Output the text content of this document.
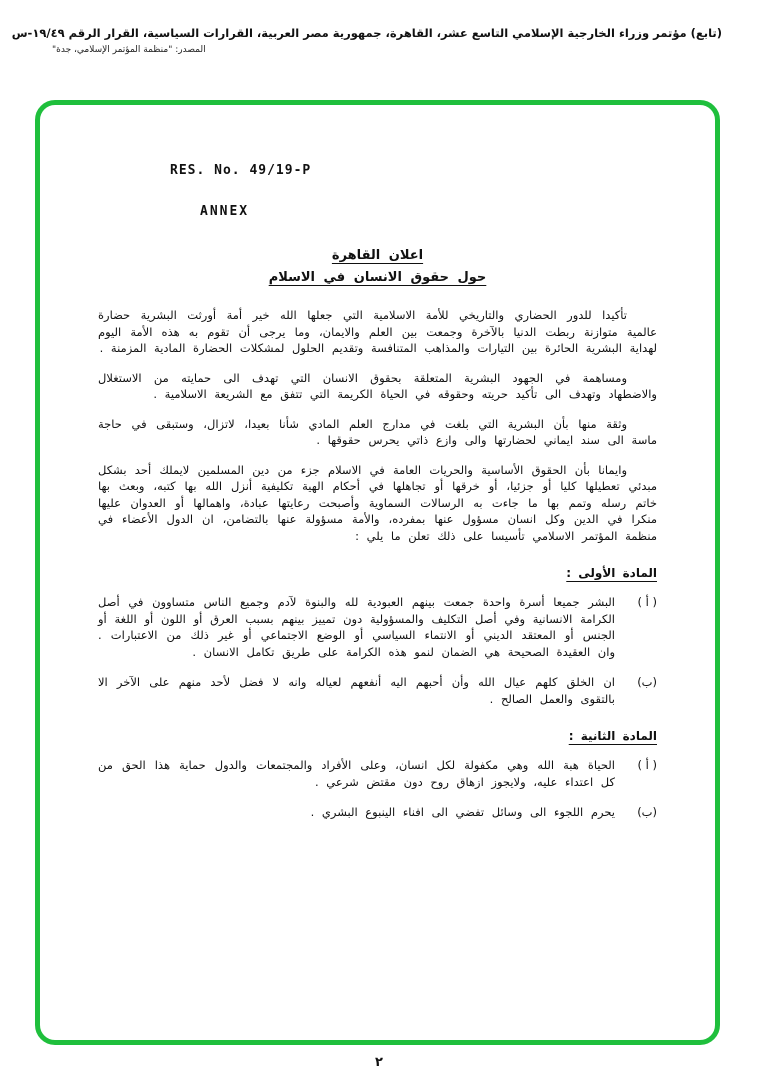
(تابع) مؤتمر وزراء الخارجية الإسلامي التاسع عشر، القاهرة، جمهورية مصر العربية، القرارات السياسية، القرار الرقم ١٩/٤٩-س
المصدر: "منظمة المؤتمر الإسلامي، جدة"
RES. No. 49/19-P
ANNEX
اعلان القاهرة
حول حقوق الانسان في الاسلام

تأكيدا للدور الحضاري والتاريخي للأمة الاسلامية التي جعلها الله خير أمة أورثت البشرية حضارة عالمية متوازنة ربطت الدنيا بالآخرة وجمعت بين العلم والايمان، وما يرجى أن تقوم به هذه الأمة اليوم لهداية البشرية الحائرة بين التيارات والمذاهب المتنافسة وتقديم الحلول لمشكلات الحضارة المادية المزمنة .

ومساهمة في الجهود البشرية المتعلقة بحقوق الانسان التي تهدف الى حمايته من الاستغلال والاضطهاد وتهدف الى تأكيد حريته وحقوقه في الحياة الكريمة التي تتفق مع الشريعة الاسلامية .

وثقة منها بأن البشرية التي بلغت في مدارج العلم المادي شأنا بعيدا، لاتزال، وستبقى في حاجة ماسة الى سند ايماني لحضارتها والى وازع ذاتي يحرس حقوقها .

وايمانا بأن الحقوق الأساسية والحريات العامة في الاسلام جزء من دين المسلمين لايملك أحد بشكل مبدئي تعطيلها كليا أو جزئيا، أو خرقها أو تجاهلها في أحكام الهية تكليفية أنزل الله بها كتبه، وبعث بها خاتم رسله وتمم بها ما جاءت به الرسالات السماوية وأصبحت رعايتها عبادة، واهمالها أو العدوان عليها منكرا في الدين وكل انسان مسؤول عنها بمفرده، والأمة مسؤولة عنها بالتضامن، ان الدول الأعضاء في منظمة المؤتمر الاسلامي تأسيسا على ذلك تعلن ما يلي :

المادة الأولى :
( أ )
البشر جميعا أسرة واحدة جمعت بينهم العبودية لله والبنوة لآدم وجميع الناس متساوون في أصل الكرامة الانسانية وفي أصل التكليف والمسؤولية دون تمييز بينهم بسبب العرق أو اللون أو اللغة أو الجنس أو المعتقد الديني أو الانتماء السياسي أو الوضع الاجتماعي أو غير ذلك من الاعتبارات . وان العقيدة الصحيحة هي الضمان لنمو هذه الكرامة على طريق تكامل الانسان .
(ب)
ان الخلق كلهم عيال الله وأن أحبهم اليه أنفعهم لعياله وانه لا فضل لأحد منهم على الآخر الا بالتقوى والعمل الصالح .
المادة الثانية :
( أ )
الحياة هبة الله وهي مكفولة لكل انسان، وعلى الأفراد والمجتمعات والدول حماية هذا الحق من كل اعتداء عليه، ولايجوز ازهاق روح دون مقتض شرعي .
(ب)
يحرم اللجوء الى وسائل تفضي الى افناء الينبوع البشري .
٢
